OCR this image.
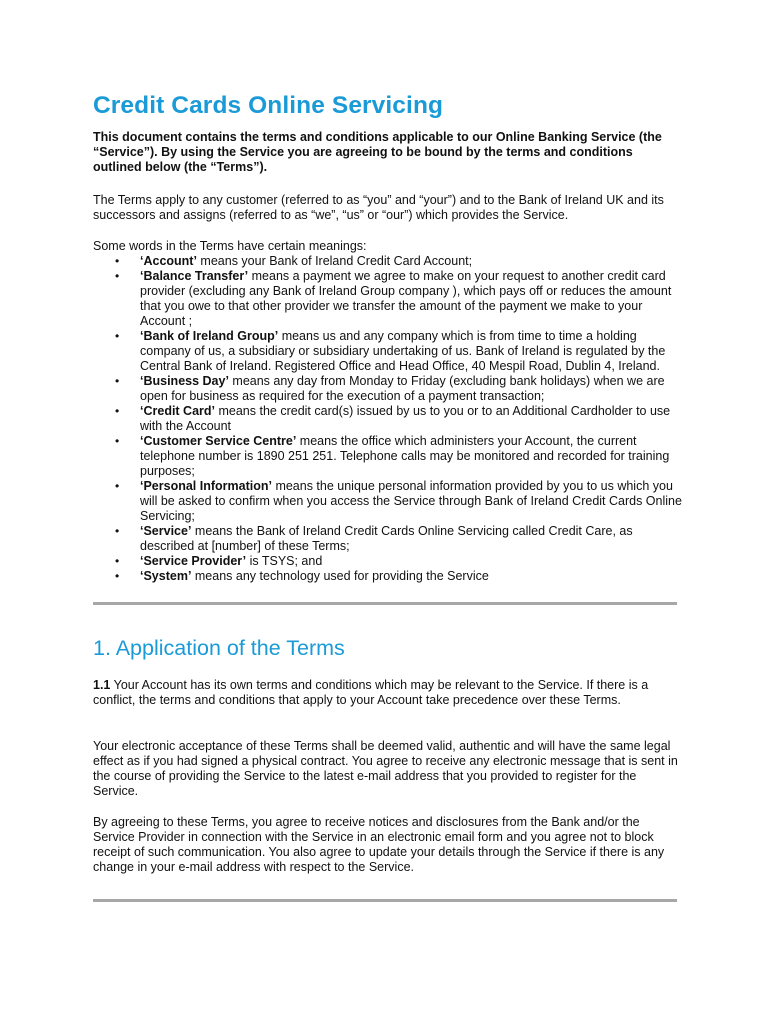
Credit Cards Online Servicing

This document contains the terms and conditions applicable to our Online Banking Service (the “Service”). By using the Service you are agreeing to be bound by the terms and conditions outlined below (the “Terms”).

The Terms apply to any customer (referred to as “you” and “your”) and to the Bank of Ireland UK and its successors and assigns (referred to as “we”, “us” or “our”) which provides the Service.

Some words in the Terms have certain meanings:

• ‘Account’ means your Bank of Ireland Credit Card Account;
• ‘Balance Transfer’ means a payment we agree to make on your request to another credit card provider (excluding any Bank of Ireland Group company ), which pays off or reduces the amount that you owe to that other provider we transfer the amount of the payment we make to your Account ;
• ‘Bank of Ireland Group’ means us and any company which is from time to time a holding company of us, a subsidiary or subsidiary undertaking of us. Bank of Ireland is regulated by the Central Bank of Ireland. Registered Office and Head Office, 40 Mespil Road, Dublin 4, Ireland.
• ‘Business Day’ means any day from Monday to Friday (excluding bank holidays) when we are open for business as required for the execution of a payment transaction;
• ‘Credit Card’ means the credit card(s) issued by us to you or to an Additional Cardholder to use with the Account
• ‘Customer Service Centre’ means the office which administers your Account, the current telephone number is 1890 251 251. Telephone calls may be monitored and recorded for training purposes;
• ‘Personal Information’ means the unique personal information provided by you to us which you will be asked to confirm when you access the Service through Bank of Ireland Credit Cards Online Servicing;
• ‘Service’ means the Bank of Ireland Credit Cards Online Servicing called Credit Care, as described at [number] of these Terms;
• ‘Service Provider’ is TSYS; and
• ‘System’ means any technology used for providing the Service
1. Application of the Terms

1.1 Your Account has its own terms and conditions which may be relevant to the Service. If there is a conflict, the terms and conditions that apply to your Account take precedence over these Terms.

Your electronic acceptance of these Terms shall be deemed valid, authentic and will have the same legal effect as if you had signed a physical contract. You agree to receive any electronic message that is sent in the course of providing the Service to the latest e-mail address that you provided to register for the Service.

By agreeing to these Terms, you agree to receive notices and disclosures from the Bank and/or the Service Provider in connection with the Service in an electronic email form and you agree not to block receipt of such communication. You also agree to update your details through the Service if there is any change in your e-mail address with respect to the Service.
